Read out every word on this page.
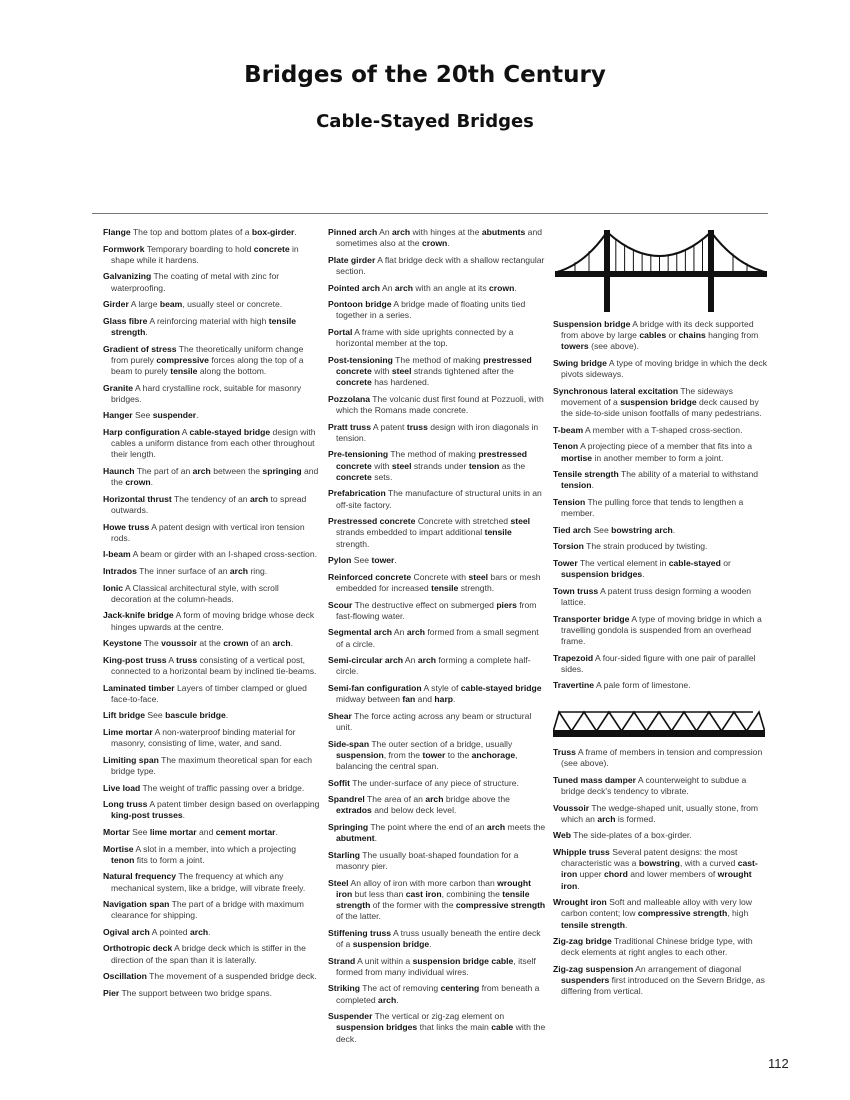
Bridges of the 20th Century
Cable-Stayed Bridges
Flange The top and bottom plates of a box-girder.
Formwork Temporary boarding to hold concrete in shape while it hardens.
Galvanizing The coating of metal with zinc for waterproofing.
Girder A large beam, usually steel or concrete.
Glass fibre A reinforcing material with high tensile strength.
Gradient of stress The theoretically uniform change from purely compressive forces along the top of a beam to purely tensile along the bottom.
Granite A hard crystalline rock, suitable for masonry bridges.
Hanger See suspender.
Harp configuration A cable-stayed bridge design with cables a uniform distance from each other throughout their length.
Haunch The part of an arch between the springing and the crown.
Horizontal thrust The tendency of an arch to spread outwards.
Howe truss A patent design with vertical iron tension rods.
I-beam A beam or girder with an I-shaped cross-section.
Intrados The inner surface of an arch ring.
Ionic A Classical architectural style, with scroll decoration at the column-heads.
Jack-knife bridge A form of moving bridge whose deck hinges upwards at the centre.
Keystone The voussoir at the crown of an arch.
King-post truss A truss consisting of a vertical post, connected to a horizontal beam by inclined tie-beams.
Laminated timber Layers of timber clamped or glued face-to-face.
Lift bridge See bascule bridge.
Lime mortar A non-waterproof binding material for masonry, consisting of lime, water, and sand.
Limiting span The maximum theoretical span for each bridge type.
Live load The weight of traffic passing over a bridge.
Long truss A patent timber design based on overlapping king-post trusses.
Mortar See lime mortar and cement mortar.
Mortise A slot in a member, into which a projecting tenon fits to form a joint.
Natural frequency The frequency at which any mechanical system, like a bridge, will vibrate freely.
Navigation span The part of a bridge with maximum clearance for shipping.
Ogival arch A pointed arch.
Orthotropic deck A bridge deck which is stiffer in the direction of the span than it is laterally.
Oscillation The movement of a suspended bridge deck.
Pier The support between two bridge spans.
Pinned arch An arch with hinges at the abutments and sometimes also at the crown.
Plate girder A flat bridge deck with a shallow rectangular section.
Pointed arch An arch with an angle at its crown.
Pontoon bridge A bridge made of floating units tied together in a series.
Portal A frame with side uprights connected by a horizontal member at the top.
Post-tensioning The method of making prestressed concrete with steel strands tightened after the concrete has hardened.
Pozzolana The volcanic dust first found at Pozzuoli, with which the Romans made concrete.
Pratt truss A patent truss design with iron diagonals in tension.
Pre-tensioning The method of making prestressed concrete with steel strands under tension as the concrete sets.
Prefabrication The manufacture of structural units in an off-site factory.
Prestressed concrete Concrete with stretched steel strands embedded to impart additional tensile strength.
Pylon See tower.
Reinforced concrete Concrete with steel bars or mesh embedded for increased tensile strength.
Scour The destructive effect on submerged piers from fast-flowing water.
Segmental arch An arch formed from a small segment of a circle.
Semi-circular arch An arch forming a complete half-circle.
Semi-fan configuration A style of cable-stayed bridge midway between fan and harp.
Shear The force acting across any beam or structural unit.
Side-span The outer section of a bridge, usually suspension, from the tower to the anchorage, balancing the central span.
Soffit The under-surface of any piece of structure.
Spandrel The area of an arch bridge above the extrados and below deck level.
Springing The point where the end of an arch meets the abutment.
Starling The usually boat-shaped foundation for a masonry pier.
Steel An alloy of iron with more carbon than wrought iron but less than cast iron, combining the tensile strength of the former with the compressive strength of the latter.
Stiffening truss A truss usually beneath the entire deck of a suspension bridge.
Strand A unit within a suspension bridge cable, itself formed from many individual wires.
Striking The act of removing centering from beneath a completed arch.
Suspender The vertical or zig-zag element on suspension bridges that links the main cable with the deck.
Suspension bridge A bridge with its deck supported from above by large cables or chains hanging from towers (see above).
Swing bridge A type of moving bridge in which the deck pivots sideways.
Synchronous lateral excitation The sideways movement of a suspension bridge deck caused by the side-to-side unison footfalls of many pedestrians.
T-beam A member with a T-shaped cross-section.
Tenon A projecting piece of a member that fits into a mortise in another member to form a joint.
Tensile strength The ability of a material to withstand tension.
Tension The pulling force that tends to lengthen a member.
Tied arch See bowstring arch.
Torsion The strain produced by twisting.
Tower The vertical element in cable-stayed or suspension bridges.
Town truss A patent truss design forming a wooden lattice.
Transporter bridge A type of moving bridge in which a travelling gondola is suspended from an overhead frame.
Trapezoid A four-sided figure with one pair of parallel sides.
Travertine A pale form of limestone.
Truss A frame of members in tension and compression (see above).
Tuned mass damper A counterweight to subdue a bridge deck's tendency to vibrate.
Voussoir The wedge-shaped unit, usually stone, from which an arch is formed.
Web The side-plates of a box-girder.
Whipple truss Several patent designs: the most characteristic was a bowstring, with a curved cast-iron upper chord and lower members of wrought iron.
Wrought iron Soft and malleable alloy with very low carbon content; low compressive strength, high tensile strength.
Zig-zag bridge Traditional Chinese bridge type, with deck elements at right angles to each other.
Zig-zag suspension An arrangement of diagonal suspenders first introduced on the Severn Bridge, as differing from vertical.
112
